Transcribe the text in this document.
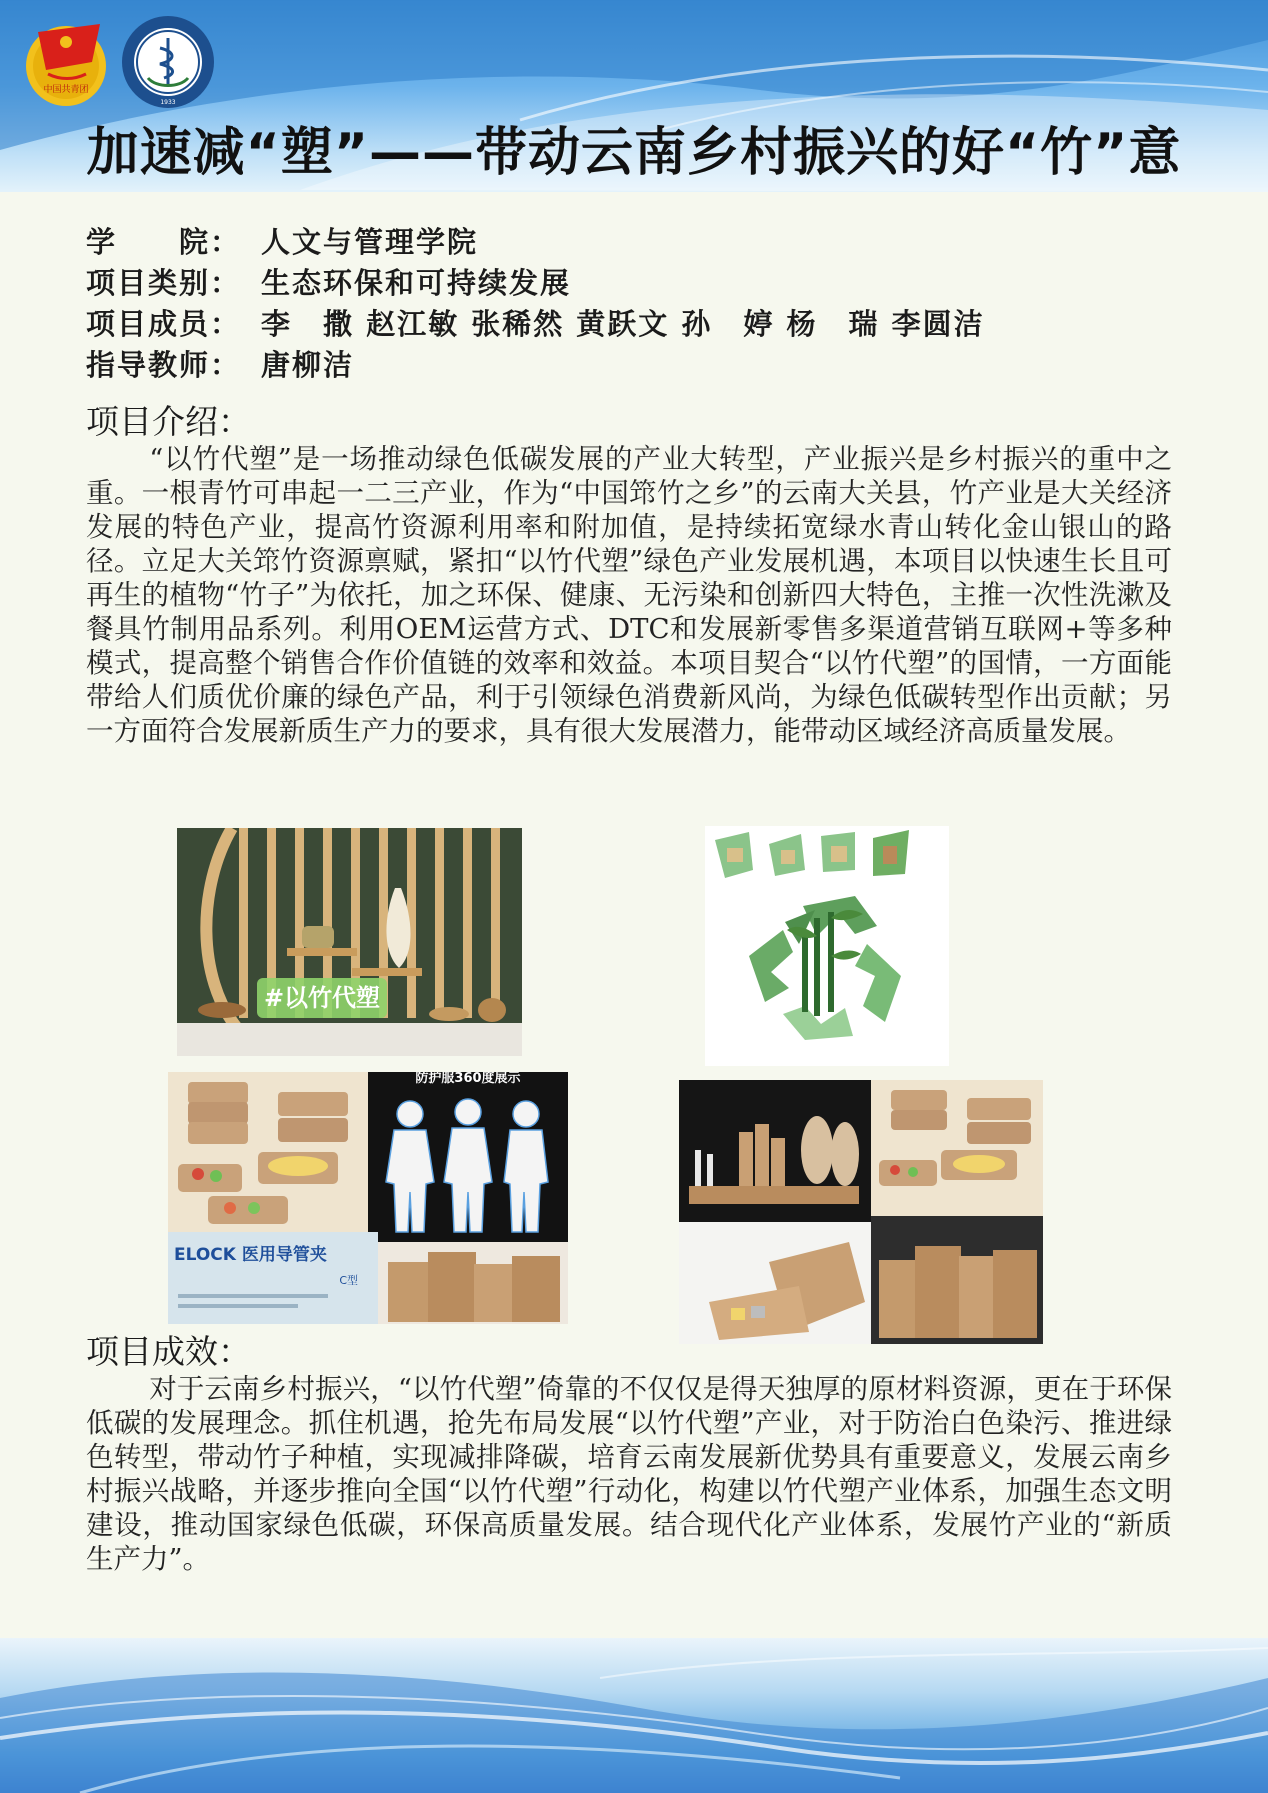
中国共青团
1933
加速减“塑”——带动云南乡村振兴的好“竹”意
学　　院： 人文与管理学院
项目类别： 生态环保和可持续发展
项目成员： 李　撒 赵江敏 张稀然 黄跃文 孙　婷 杨　瑞 李圆洁
指导教师： 唐柳洁
项目介绍：

“以竹代塑”是一场推动绿色低碳发展的产业大转型，产业振兴是乡村振兴的重中之重。一根青竹可串起一二三产业，作为“中国筇竹之乡”的云南大关县，竹产业是大关经济发展的特色产业，提高竹资源利用率和附加值，是持续拓宽绿水青山转化金山银山的路径。立足大关筇竹资源禀赋，紧扣“以竹代塑”绿色产业发展机遇，本项目以快速生长且可再生的植物“竹子”为依托，加之环保、健康、无污染和创新四大特色，主推一次性洗漱及餐具竹制用品系列。利用OEM运营方式、DTC和发展新零售多渠道营销互联网+等多种模式，提高整个销售合作价值链的效率和效益。本项目契合“以竹代塑”的国情，一方面能带给人们质优价廉的绿色产品，利于引领绿色消费新风尚，为绿色低碳转型作出贡献；另一方面符合发展新质生产力的要求，具有很大发展潜力，能带动区域经济高质量发展。

#以竹代塑
防护服360度展示
ELOCK 医用导管夹
C型
项目成效：

对于云南乡村振兴，“以竹代塑”倚靠的不仅仅是得天独厚的原材料资源，更在于环保低碳的发展理念。抓住机遇，抢先布局发展“以竹代塑”产业，对于防治白色染污、推进绿色转型，带动竹子种植，实现减排降碳，培育云南发展新优势具有重要意义，发展云南乡村振兴战略，并逐步推向全国“以竹代塑”行动化，构建以竹代塑产业体系，加强生态文明建设，推动国家绿色低碳，环保高质量发展。结合现代化产业体系，发展竹产业的“新质生产力”。
